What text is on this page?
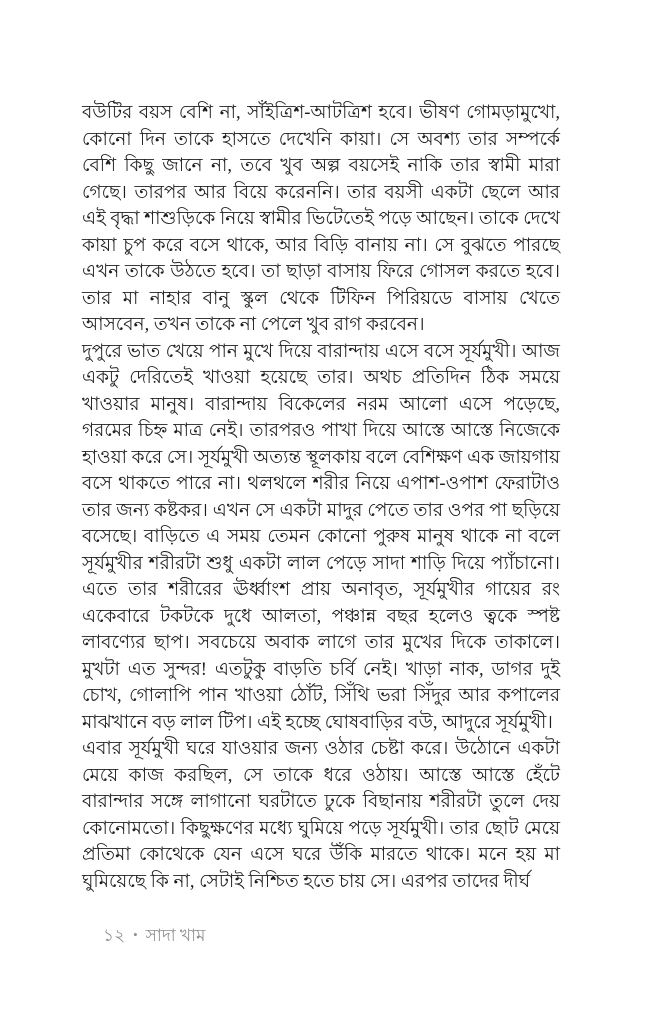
বউটির বয়স বেশি না, সাঁইত্রিশ-আটত্রিশ হবে। ভীষণ গোমড়ামুখো, কোনো দিন তাকে হাসতে দেখেনি কায়া। সে অবশ্য তার সম্পর্কে বেশি কিছু জানে না, তবে খুব অল্প বয়সেই নাকি তার স্বামী মারা গেছে। তারপর আর বিয়ে করেননি। তার বয়সী একটা ছেলে আর এই বৃদ্ধা শাশুড়িকে নিয়ে স্বামীর ভিটেতেই পড়ে আছেন। তাকে দেখে কায়া চুপ করে বসে থাকে, আর বিড়ি বানায় না। সে বুঝতে পারছে এখন তাকে উঠতে হবে। তা ছাড়া বাসায় ফিরে গোসল করতে হবে। তার মা নাহার বানু স্কুল থেকে টিফিন পিরিয়ডে বাসায় খেতে আসবেন, তখন তাকে না পেলে খুব রাগ করবেন।

দুপুরে ভাত খেয়ে পান মুখে দিয়ে বারান্দায় এসে বসে সূর্যমুখী। আজ একটু দেরিতেই খাওয়া হয়েছে তার। অথচ প্রতিদিন ঠিক সময়ে খাওয়ার মানুষ। বারান্দায় বিকেলের নরম আলো এসে পড়েছে, গরমের চিহ্ন মাত্র নেই। তারপরও পাখা দিয়ে আস্তে আস্তে নিজেকে হাওয়া করে সে। সূর্যমুখী অত্যন্ত স্থূলকায় বলে বেশিক্ষণ এক জায়গায় বসে থাকতে পারে না। থলথলে শরীর নিয়ে এপাশ-ওপাশ ফেরাটাও তার জন্য কষ্টকর। এখন সে একটা মাদুর পেতে তার ওপর পা ছড়িয়ে বসেছে। বাড়িতে এ সময় তেমন কোনো পুরুষ মানুষ থাকে না বলে সূর্যমুখীর শরীরটা শুধু একটা লাল পেড়ে সাদা শাড়ি দিয়ে প্যাঁচানো। এতে তার শরীরের ঊর্ধ্বাংশ প্রায় অনাবৃত, সূর্যমুখীর গায়ের রং একেবারে টকটকে দুধে আলতা, পঞ্চান্ন বছর হলেও ত্বকে স্পষ্ট লাবণ্যের ছাপ। সবচেয়ে অবাক লাগে তার মুখের দিকে তাকালে। মুখটা এত সুন্দর! এতটুকু বাড়তি চর্বি নেই। খাড়া নাক, ডাগর দুই চোখ, গোলাপি পান খাওয়া ঠোঁট, সিঁথি ভরা সিঁদুর আর কপালের মাঝখানে বড় লাল টিপ। এই হচ্ছে ঘোষবাড়ির বউ, আদুরে সূর্যমুখী।

এবার সূর্যমুখী ঘরে যাওয়ার জন্য ওঠার চেষ্টা করে। উঠোনে একটা মেয়ে কাজ করছিল, সে তাকে ধরে ওঠায়। আস্তে আস্তে হেঁটে বারান্দার সঙ্গে লাগানো ঘরটাতে ঢুকে বিছানায় শরীরটা তুলে দেয় কোনোমতো। কিছুক্ষণের মধ্যে ঘুমিয়ে পড়ে সূর্যমুখী। তার ছোট মেয়ে প্রতিমা কোথেকে যেন এসে ঘরে উঁকি মারতে থাকে। মনে হয় মা ঘুমিয়েছে কি না, সেটাই নিশ্চিত হতে চায় সে। এরপর তাদের দীর্ঘ

১২ • সাদা খাম
